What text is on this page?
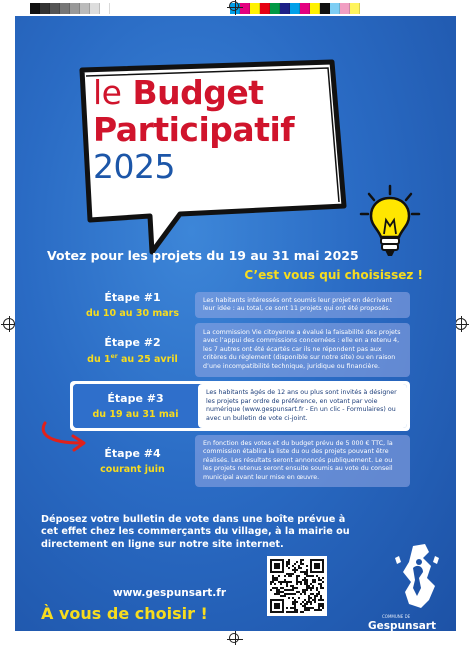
le Budget
Participatif
2025
Votez pour les projets du 19 au 31 mai 2025
C’est vous qui choisissez !
Étape #1
du 10 au 30 mars
Les habitants intéressés ont soumis leur projet en décrivant leur idée : au total, ce sont 11 projets qui ont été proposés.
Étape #2
du 1er au 25 avril
La commission Vie citoyenne a évalué la faisabilité des projets avec l’appui des commissions concernées : elle en a retenu 4, les 7 autres ont été écartés car ils ne répondent pas aux critères du règlement (disponible sur notre site) ou en raison d’une incompatibilité technique, juridique ou financière.
Étape #3
du 19 au 31 mai
Les habitants âgés de 12 ans ou plus sont invités à désigner les projets par ordre de préférence, en votant par voie numérique (www.gespunsart.fr - En un clic - Formulaires) ou avec un bulletin de vote ci-joint.
Étape #4
courant juin
En fonction des votes et du budget prévu de 5 000 € TTC, la commission établira la liste du ou des projets pouvant être réalisés. Les résultats seront annoncés publiquement. Le ou les projets retenus seront ensuite soumis au vote du conseil municipal avant leur mise en œuvre.
Déposez votre bulletin de vote dans une boîte prévue à cet effet chez les commerçants du village, à la mairie ou directement en ligne sur notre site internet.
www.gespunsart.fr
À vous de choisir !	COMMUNE DE
Gespunsart
